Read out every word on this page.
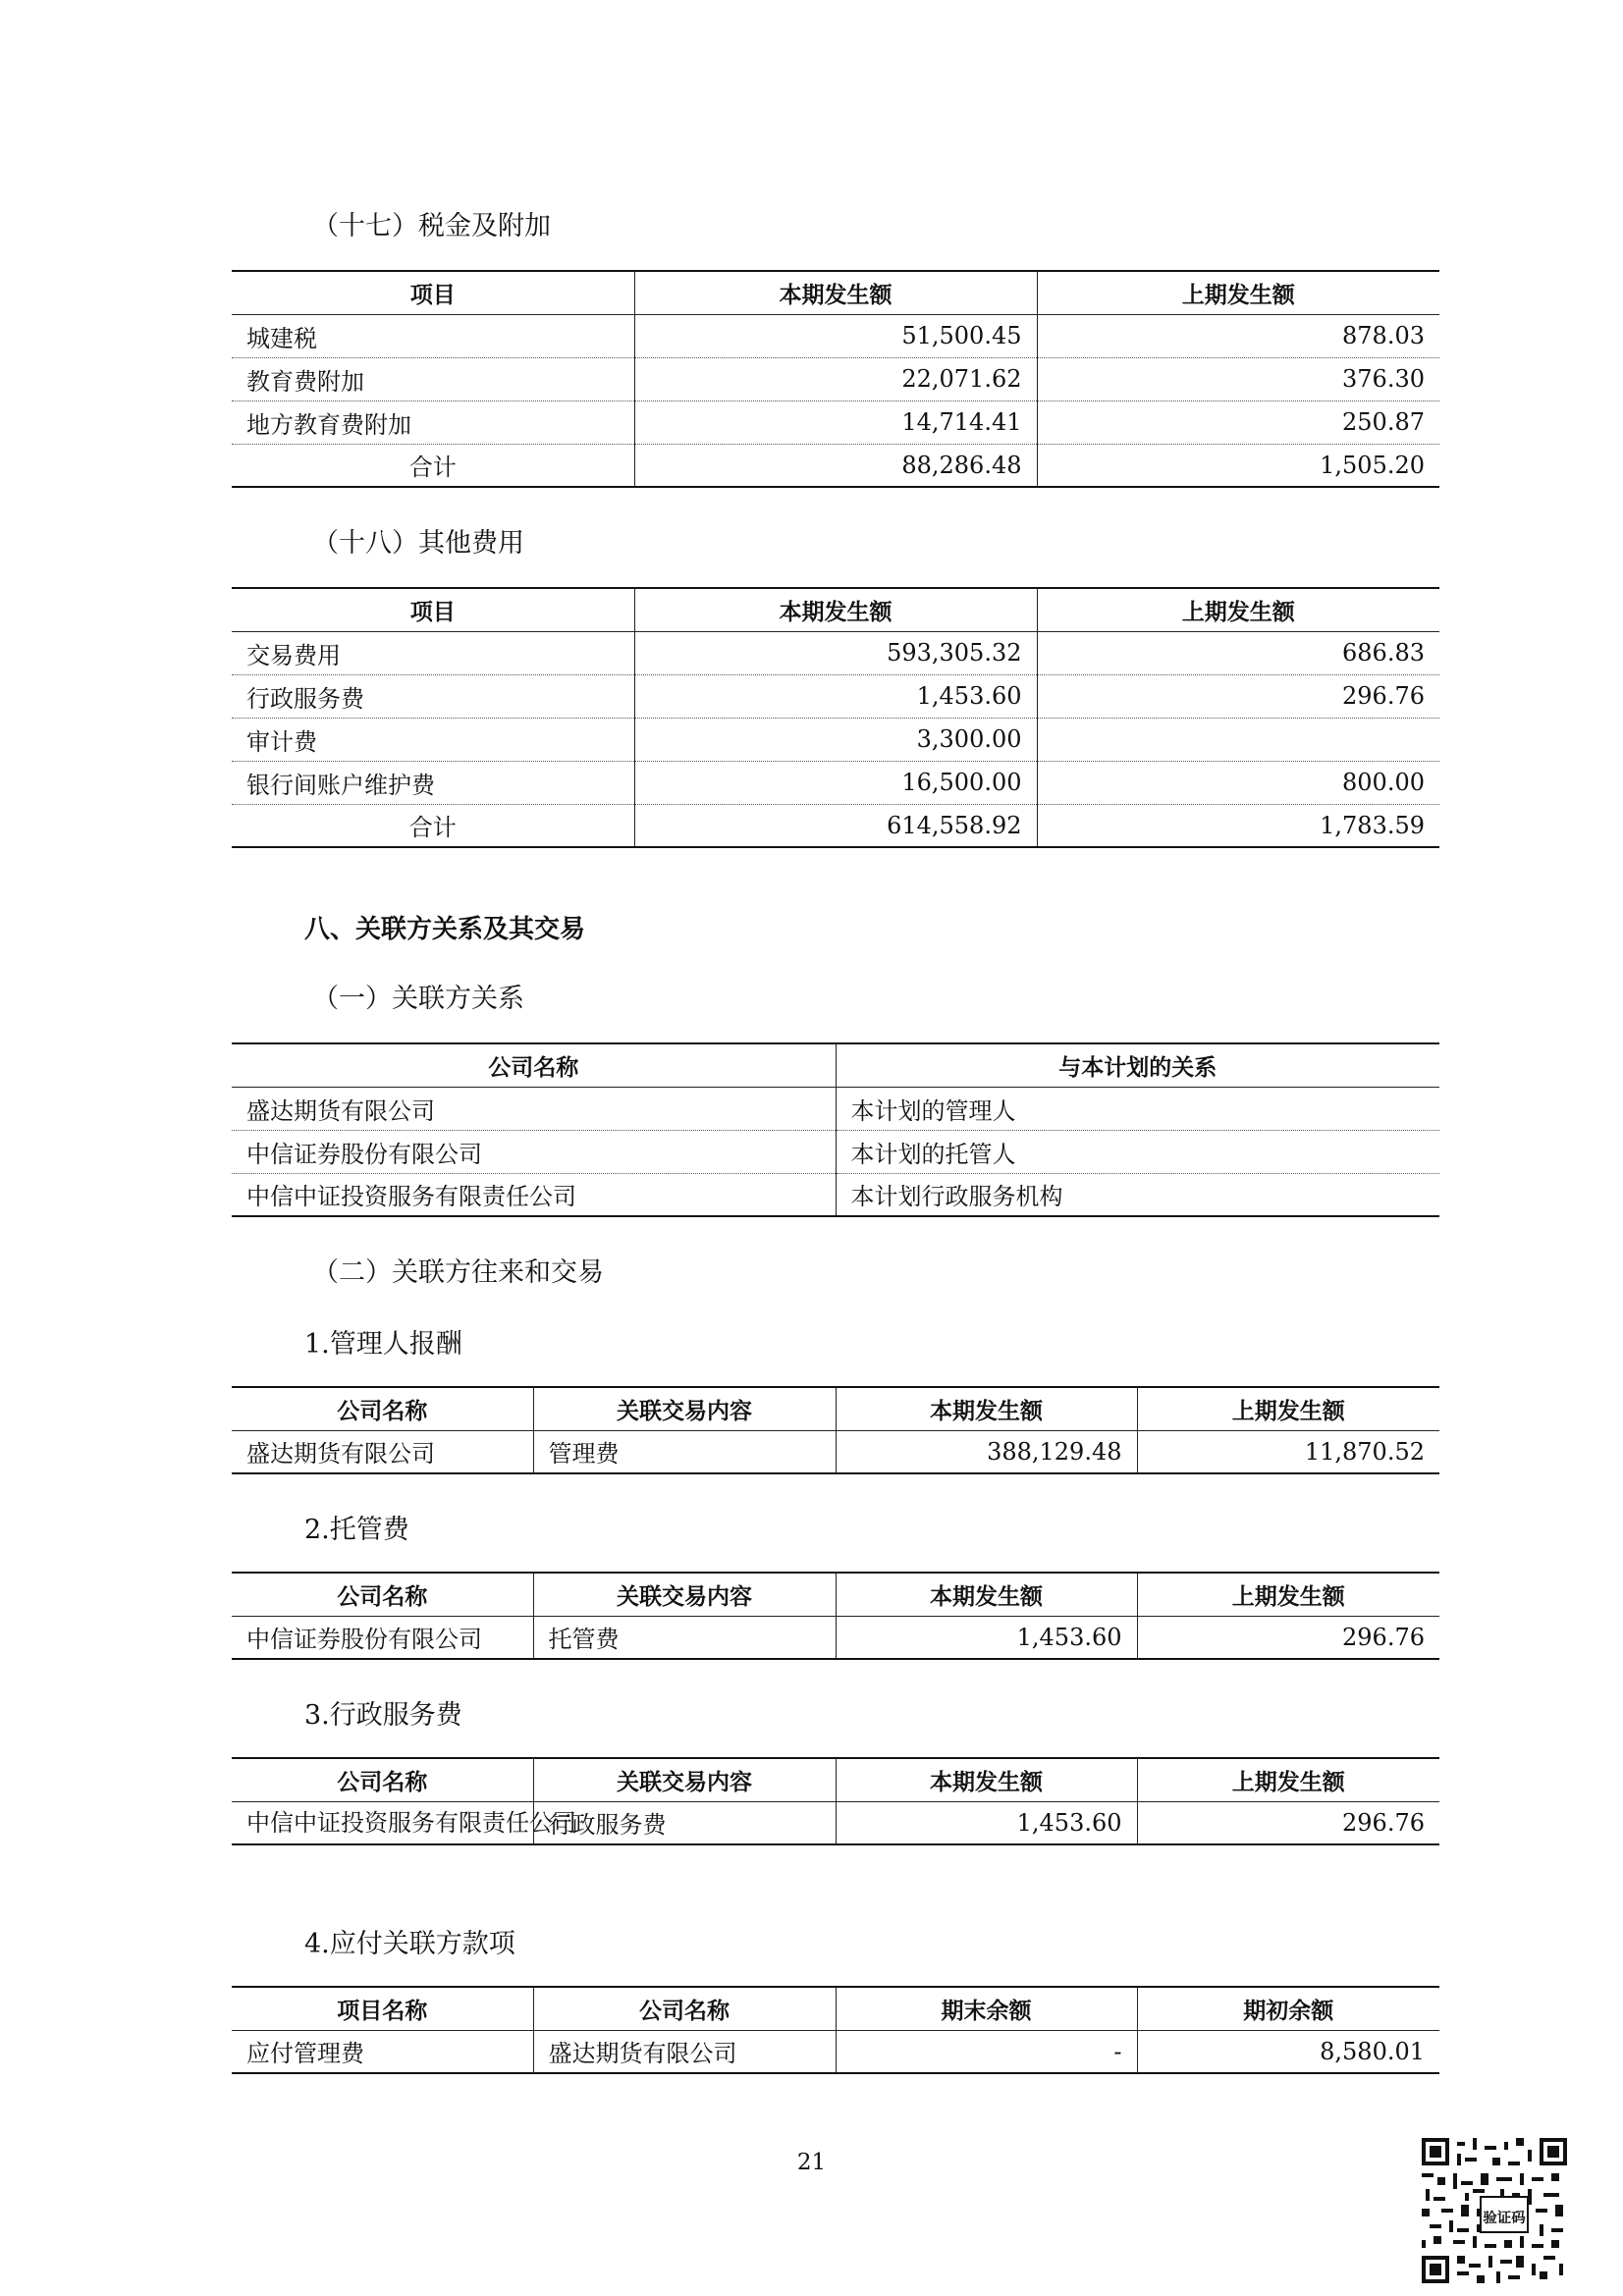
（十七）税金及附加
项目	本期发生额	上期发生额
城建税	51,500.45	878.03
教育费附加	22,071.62	376.30
地方教育费附加	14,714.41	250.87
合计	88,286.48	1,505.20
（十八）其他费用
项目	本期发生额	上期发生额
交易费用	593,305.32	686.83
行政服务费	1,453.60	296.76
审计费	3,300.00	
银行间账户维护费	16,500.00	800.00
合计	614,558.92	1,783.59
八、关联方关系及其交易
（一）关联方关系
公司名称	与本计划的关系
盛达期货有限公司	本计划的管理人
中信证券股份有限公司	本计划的托管人
中信中证投资服务有限责任公司	本计划行政服务机构
（二）关联方往来和交易
1.管理人报酬
公司名称	关联交易内容	本期发生额	上期发生额
盛达期货有限公司	管理费	388,129.48	11,870.52
2.托管费
公司名称	关联交易内容	本期发生额	上期发生额
中信证券股份有限公司	托管费	1,453.60	296.76
3.行政服务费
公司名称	关联交易内容	本期发生额	上期发生额
中信中证投资服务有限责任公司	行政服务费	1,453.60	296.76
4.应付关联方款项
项目名称	公司名称	期末余额	期初余额
应付管理费	盛达期货有限公司	-	8,580.01
21
验证码
